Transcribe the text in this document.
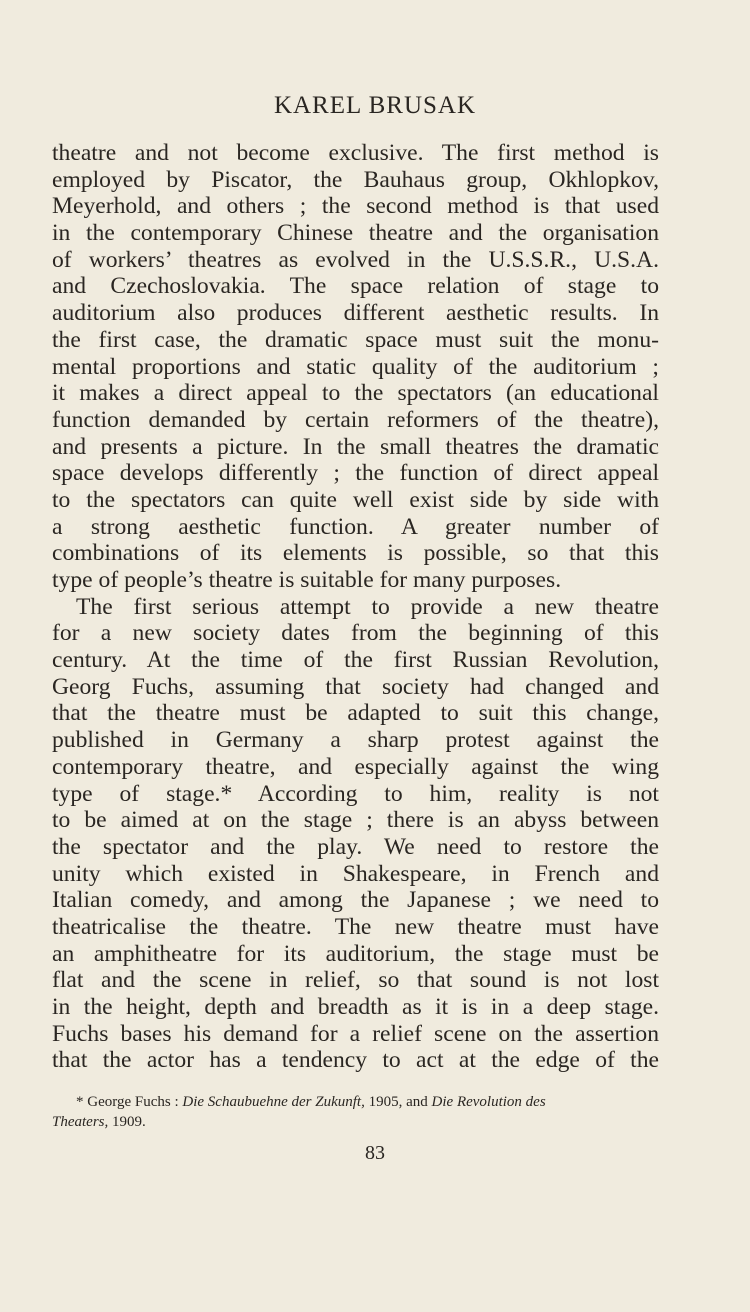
KAREL BRUSAK
theatre and not become exclusive. The first method is
employed by Piscator, the Bauhaus group, Okhlopkov,
Meyerhold, and others ; the second method is that used
in the contemporary Chinese theatre and the organisation
of workers’ theatres as evolved in the U.S.S.R., U.S.A.
and Czechoslovakia. The space relation of stage to
auditorium also produces different aesthetic results. In
the first case, the dramatic space must suit the monu-
mental proportions and static quality of the auditorium ;
it makes a direct appeal to the spectators (an educational
function demanded by certain reformers of the theatre),
and presents a picture. In the small theatres the dramatic
space develops differently ; the function of direct appeal
to the spectators can quite well exist side by side with
a strong aesthetic function. A greater number of
combinations of its elements is possible, so that this
type of people’s theatre is suitable for many purposes.
The first serious attempt to provide a new theatre
for a new society dates from the beginning of this
century. At the time of the first Russian Revolution,
Georg Fuchs, assuming that society had changed and
that the theatre must be adapted to suit this change,
published in Germany a sharp protest against the
contemporary theatre, and especially against the wing
type of stage.* According to him, reality is not
to be aimed at on the stage ; there is an abyss between
the spectator and the play. We need to restore the
unity which existed in Shakespeare, in French and
Italian comedy, and among the Japanese ; we need to
theatricalise the theatre. The new theatre must have
an amphitheatre for its auditorium, the stage must be
flat and the scene in relief, so that sound is not lost
in the height, depth and breadth as it is in a deep stage.
Fuchs bases his demand for a relief scene on the assertion
that the actor has a tendency to act at the edge of the
* George Fuchs : Die Schaubuehne der Zukunft, 1905, and Die Revolution des
Theaters, 1909.
83
